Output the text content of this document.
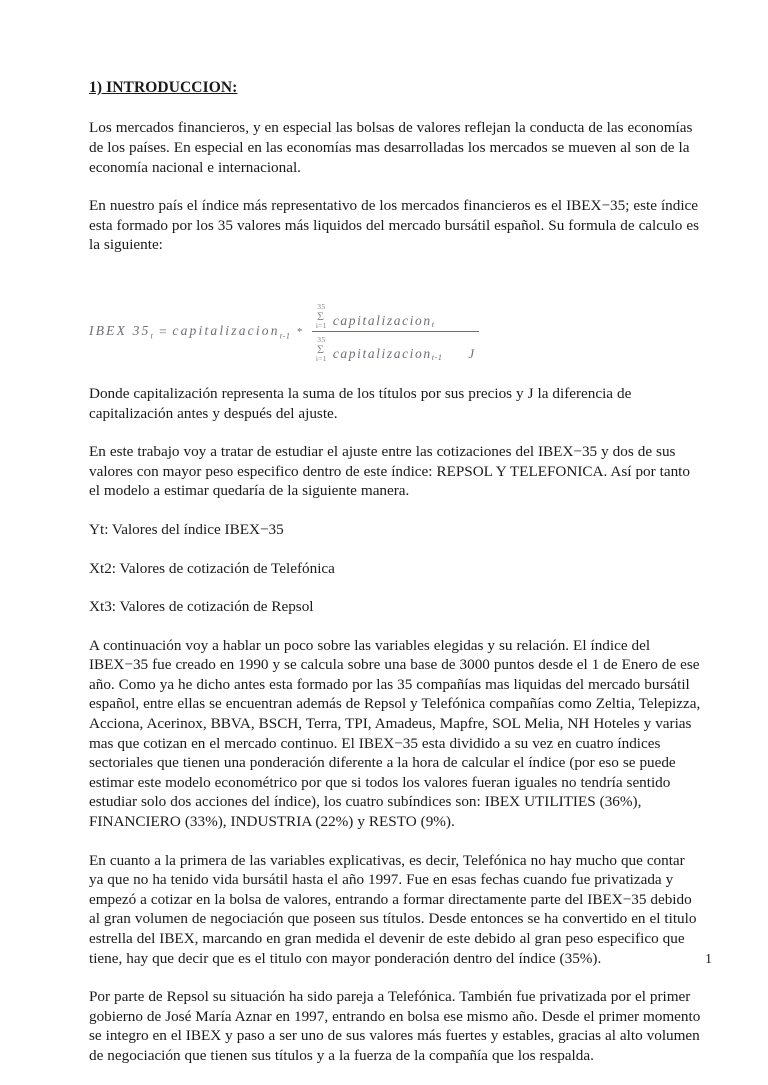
1) INTRODUCCION:

Los mercados financieros, y en especial las bolsas de valores reflejan la conducta de las economías de los países. En especial en las economías mas desarrolladas los mercados se mueven al son de la economía nacional e internacional.

En nuestro país el índice más representativo de los mercados financieros es el IBEX−35; este índice esta formado por los 35 valores más liquidos del mercado bursátil español. Su formula de calculo es la siguiente:

IBEX $35_t$ = capitalizacion$_{t-1}$ *
35
Σ
i=1 capitalizacion t
35
Σ
i=1 capitalizacion t-1 J

Donde capitalización representa la suma de los títulos por sus precios y J la diferencia de capitalización antes y después del ajuste.

En este trabajo voy a tratar de estudiar el ajuste entre las cotizaciones del IBEX−35 y dos de sus valores con mayor peso especifico dentro de este índice: REPSOL Y TELEFONICA. Así por tanto el modelo a estimar quedaría de la siguiente manera.

Yt: Valores del índice IBEX−35

Xt2: Valores de cotización de Telefónica

Xt3: Valores de cotización de Repsol

A continuación voy a hablar un poco sobre las variables elegidas y su relación. El índice del IBEX−35 fue creado en 1990 y se calcula sobre una base de 3000 puntos desde el 1 de Enero de ese año. Como ya he dicho antes esta formado por las 35 compañías mas liquidas del mercado bursátil español, entre ellas se encuentran además de Repsol y Telefónica compañías como Zeltia, Telepizza, Acciona, Acerinox, BBVA, BSCH, Terra, TPI, Amadeus, Mapfre, SOL Melia, NH Hoteles y varias mas que cotizan en el mercado continuo. El IBEX−35 esta dividido a su vez en cuatro índices sectoriales que tienen una ponderación diferente a la hora de calcular el índice (por eso se puede estimar este modelo econométrico por que si todos los valores fueran iguales no tendría sentido estudiar solo dos acciones del índice), los cuatro subíndices son: IBEX UTILITIES (36%), FINANCIERO (33%), INDUSTRIA (22%) y RESTO (9%).

En cuanto a la primera de las variables explicativas, es decir, Telefónica no hay mucho que contar ya que no ha tenido vida bursátil hasta el año 1997. Fue en esas fechas cuando fue privatizada y empezó a cotizar en la bolsa de valores, entrando a formar directamente parte del IBEX−35 debido al gran volumen de negociación que poseen sus títulos. Desde entonces se ha convertido en el titulo estrella del IBEX, marcando en gran medida el devenir de este debido al gran peso especifico que tiene, hay que decir que es el titulo con mayor ponderación dentro del índice (35%).

Por parte de Repsol su situación ha sido pareja a Telefónica. También fue privatizada por el primer gobierno de José María Aznar en 1997, entrando en bolsa ese mismo año. Desde el primer momento se integro en el IBEX y paso a ser uno de sus valores más fuertes y estables, gracias al alto volumen de negociación que tienen sus títulos y a la fuerza de la compañía que los respalda.

1
